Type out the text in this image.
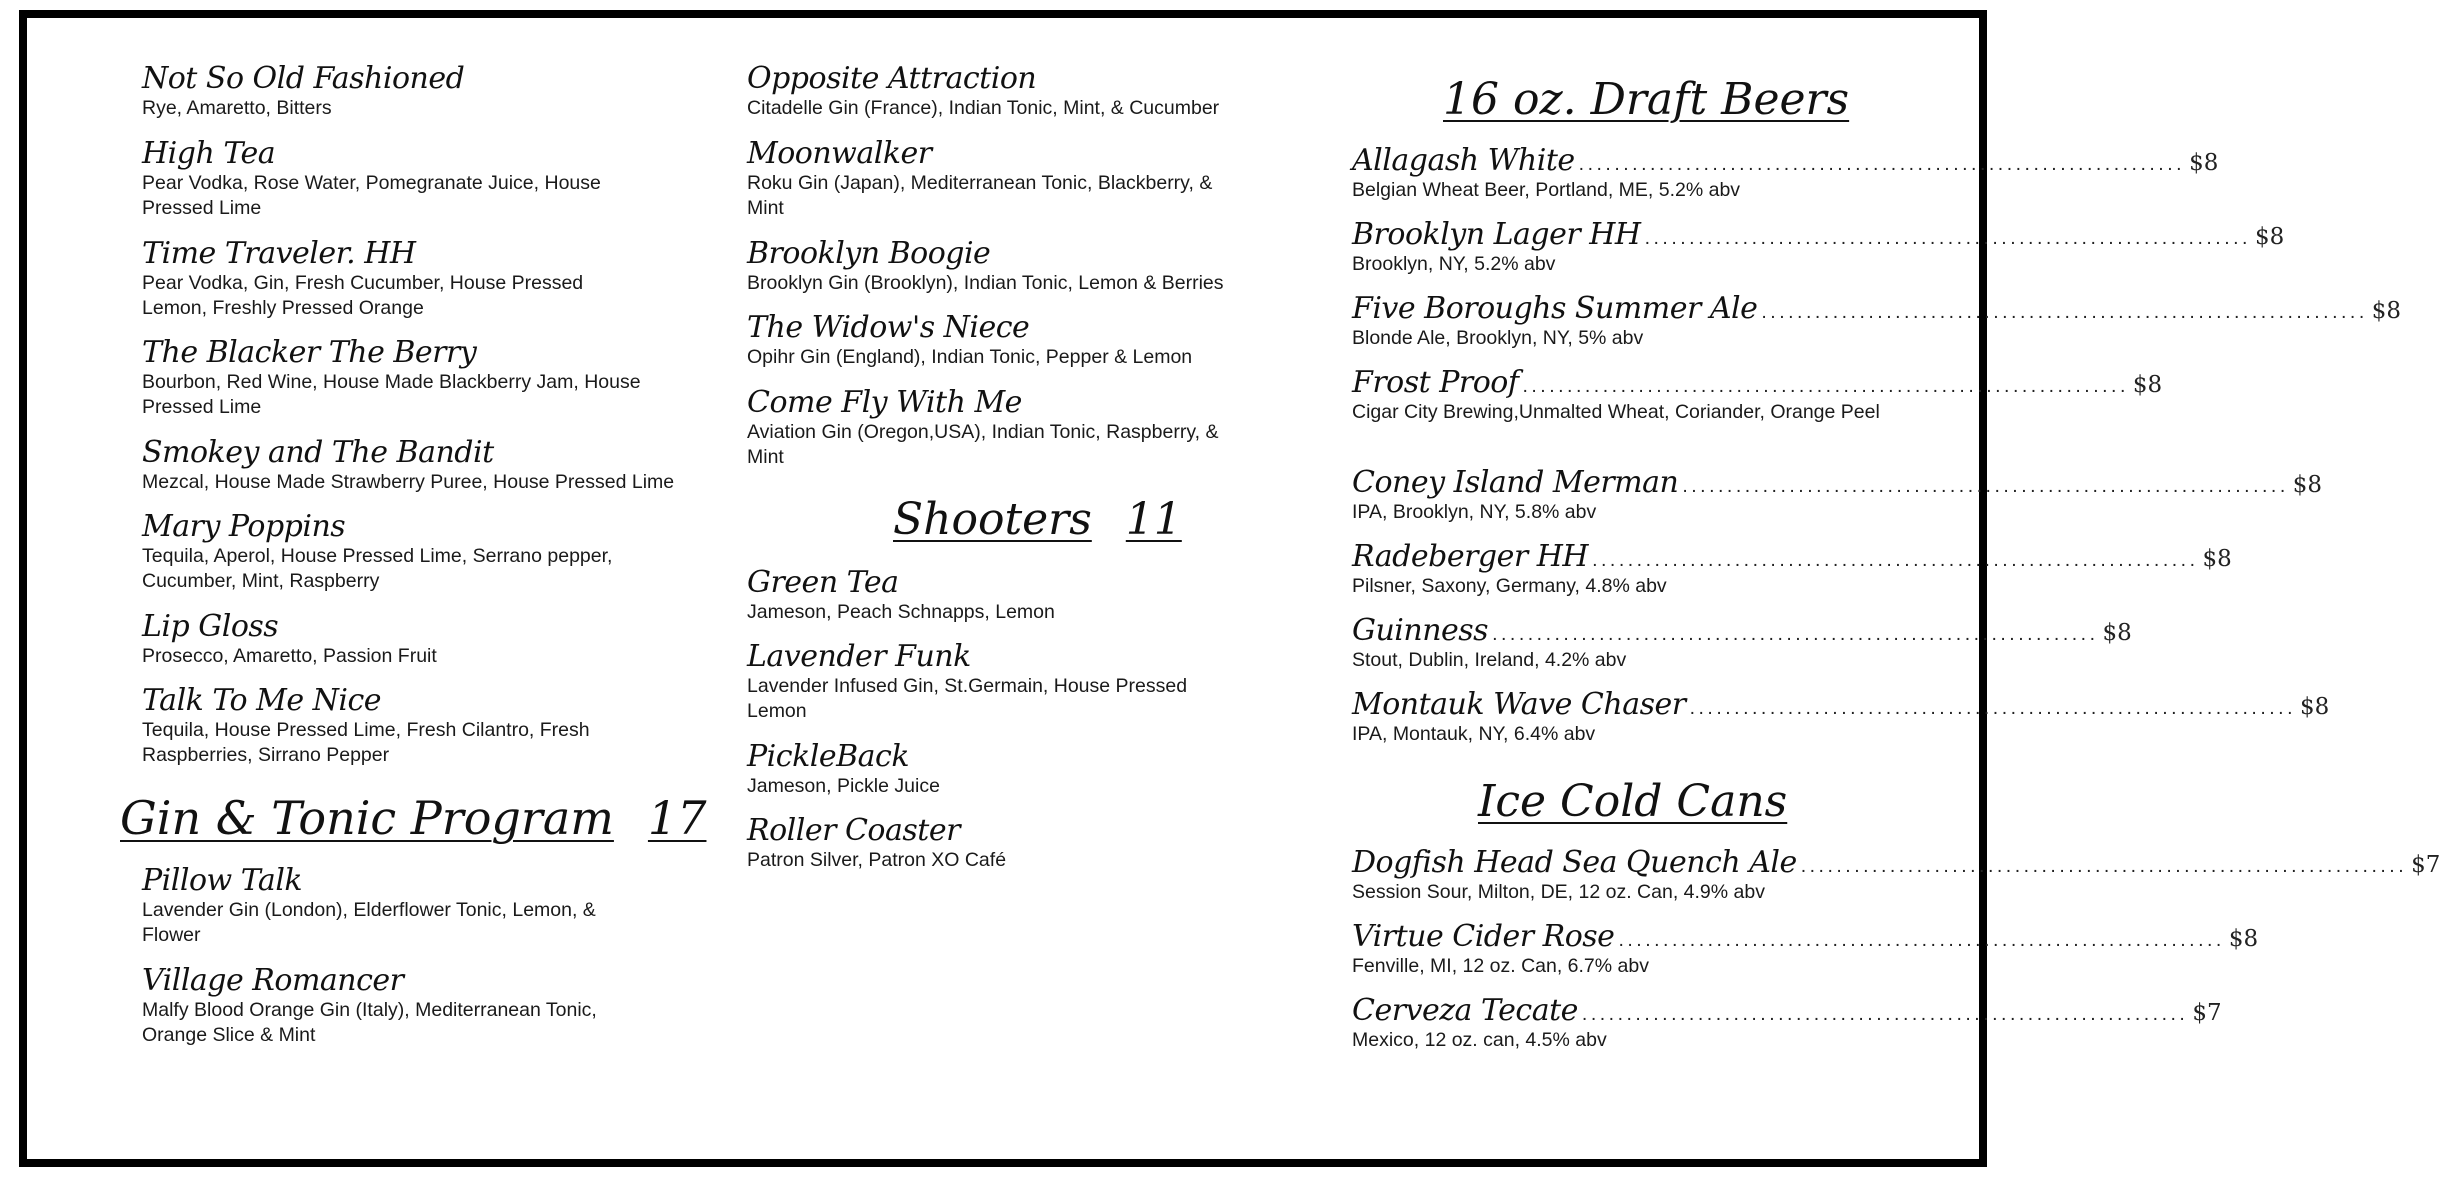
Not So Old Fashioned
Rye, Amaretto, Bitters
High Tea
Pear Vodka, Rose Water, Pomegranate Juice, House Pressed Lime
Time Traveler. HH
Pear Vodka, Gin, Fresh Cucumber, House Pressed Lemon, Freshly Pressed Orange
The Blacker The Berry
Bourbon, Red Wine, House Made Blackberry Jam, House Pressed Lime
Smokey and The Bandit
Mezcal, House Made Strawberry Puree, House Pressed Lime
Mary Poppins
Tequila, Aperol, House Pressed Lime, Serrano pepper, Cucumber, Mint, Raspberry
Lip Gloss
Prosecco, Amaretto, Passion Fruit
Talk To Me Nice
Tequila, House Pressed Lime, Fresh Cilantro, Fresh Raspberries, Sirrano Pepper
Gin & Tonic Program 17
Pillow Talk
Lavender Gin (London), Elderflower Tonic, Lemon, & Flower
Village Romancer
Malfy Blood Orange Gin (Italy), Mediterranean Tonic, Orange Slice & Mint
Opposite Attraction
Citadelle Gin (France), Indian Tonic, Mint, & Cucumber
Moonwalker
Roku Gin (Japan), Mediterranean Tonic, Blackberry, & Mint
Brooklyn Boogie
Brooklyn Gin (Brooklyn), Indian Tonic, Lemon & Berries
The Widow's Niece
Opihr Gin (England), Indian Tonic, Pepper & Lemon
Come Fly With Me
Aviation Gin (Oregon,USA), Indian Tonic, Raspberry, & Mint
Shooters 11
Green Tea
Jameson, Peach Schnapps, Lemon
Lavender Funk
Lavender Infused Gin, St.Germain, House Pressed Lemon
PickleBack
Jameson, Pickle Juice
Roller Coaster
Patron Silver, Patron XO Café
16 oz. Draft Beers
Allagash White .................................................................... $8
Belgian Wheat Beer, Portland, ME, 5.2% abv
Brooklyn Lager HH .................................................................... $8
Brooklyn, NY, 5.2% abv
Five Boroughs Summer Ale .................................................................... $8
Blonde Ale, Brooklyn, NY, 5% abv
Frost Proof .................................................................... $8
Cigar City Brewing,Unmalted Wheat, Coriander, Orange Peel
Coney Island Merman .................................................................... $8
IPA, Brooklyn, NY, 5.8% abv
Radeberger HH .................................................................... $8
Pilsner, Saxony, Germany, 4.8% abv
Guinness .................................................................... $8
Stout, Dublin, Ireland, 4.2% abv
Montauk Wave Chaser .................................................................... $8
IPA, Montauk, NY, 6.4% abv
Ice Cold Cans
Dogfish Head Sea Quench Ale .................................................................... $7
Session Sour, Milton, DE, 12 oz. Can, 4.9% abv
Virtue Cider Rose .................................................................... $8
Fenville, MI, 12 oz. Can, 6.7% abv
Cerveza Tecate .................................................................... $7
Mexico, 12 oz. can, 4.5% abv
